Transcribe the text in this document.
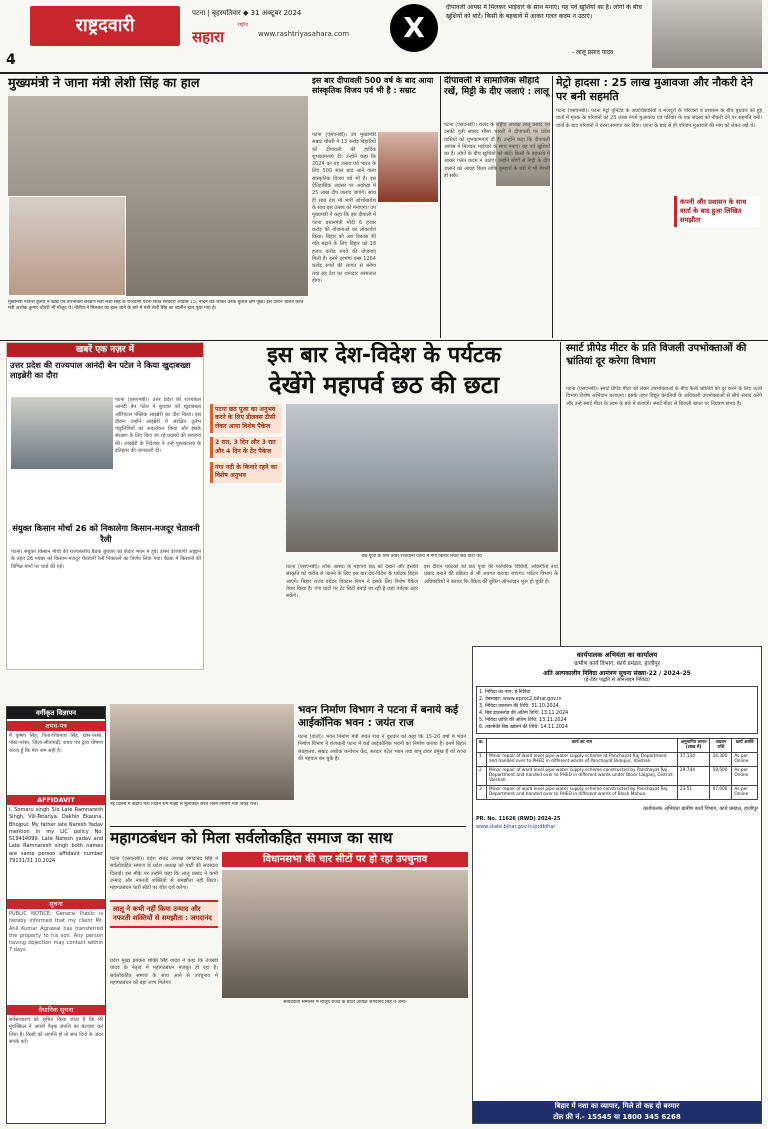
4
राष्ट्रदवारी
पटना | बृहस्पतिवार ◆ 31 अक्टूबर 2024
राष्ट्रीय
सहारा	www.rashtriyasahara.com	X
दीपावली आपस में मिलकर भाईचारे के साथ मनाएं। यह पर्व खुशियों का है। लोगों के बीच खुशियों को बांटें। किसी के बहकावे में आकर गलत कदम न उठाएं।
- लालू प्रसाद यादव
मुख्यमंत्री ने जाना मंत्री लेशी सिंह का हाल
मुख्यमंत्री नीतीश कुमार ने खाद्य एवं उपभोक्ता संरक्षण मंत्री लेशी सिंह के राजधानी पटना स्थित सरकारी आवास 15, नार्दर्न रोड जाकर उनके कुशल क्षेम पूछा। इस दौरान चलित करते मंत्री अशोक कुमार चौधरी भी मौजूद थे। नीतीश ने मिलकर का हाल जाने के बारे में मंत्री लेशी सिंह का शालीन हाल पूछा गया है।
इस बार दीपावली 500 वर्ष के बाद आया सांस्कृतिक विजय पर्व भी है : सम्राट
पटना (एसएनबी)। उप मुख्यमंत्री सम्राट चौधरी ने 13 करोड़ बिहारियों को दीपावली की हार्दिक शुभकामनाएं दी। उन्होंने कहा कि 2024 का यह उत्सव पर्व भारत के लिए 500 साल बाद आने वाला सांस्कृतिक विजय पर्व भी है। इस ऐतिहासिक अवसर पर अयोध्या में 25 लाख दीप जलाए जाएंगे। साथ ही सारा देश भी भारी जोशोखरोश के साथ इस उत्सव को मनाएगा। उप मुख्यमंत्री ने कहा कि इस दीवाली में पटना प्रधानमंत्री मोदी 6 हजार करोड़ की योजनाओं का लोकार्पण किया। बिहार को अब विकास की गति बढ़ाने के लिए बिहार को 18 हजार करोड़ रुपये की योजनाएं मिली हैं। इनमें दरभंगा एम्स 1264 करोड़ रुपये की लागत से बनेगा तथा यह देश का शानदार अस्पताल होगा।
दीपावली में सामाजिक सौहार्द रखें, मिट्टी के दीए जलाएं : लालू
पटना (एसएनबी)। राजद के राष्ट्रीय अध्यक्ष लालू प्रसाद एवं उनकी पुत्री सांसद मीसा भारती ने दीपावली पर प्रदेश वासियों को शुभकामनाएं दी हैं। उन्होंने कहा कि दीपावली आपस में मिलकर भाईचारे के साथ मनाएं। यह पर्व खुशियों का है। लोगों के बीच खुशियों को बांटें। किसी के बहकावे में आकर गलत कदम न उठाएं। उन्होंने लोगों से मिट्टी के दीए जलाने का आग्रह किया ताकि कुम्हारों के घरों में भी रोशनी हो सके।
मेट्रो हादसा : 25 लाख मुआवजा और नौकरी देने पर बनी सहमति
पटना (एसएनबी)। पटना मेट्रो यूनिटेड के अप्राधिकारियों व मजदूरों के परिजनों व प्रशासन के बीच बुधवार को हुई वार्ता में मृतक के परिजनों को 25 लाख रुपये मुआवजा एवं परिवार के एक सदस्य को नौकरी देने पर सहमति बनी। वार्ता के बाद परिजनों ने धरना समाप्त कर दिया। घटना के बाद से ही परिजन मुआवजे की मांग को लेकर अड़े थे।
कंपनी और प्रशासन के साथ वार्ता के बाद हुआ लिखित समझौता
खबरें एक नज़र में
उत्तर प्रदेश की राज्यपाल आनंदी बेन पटेल ने किया खुदाबख्श लाइब्रेरी का दौरा
पटना (एसएनबी)। उत्तर प्रदेश की राज्यपाल आनंदी बेन पटेल ने बुधवार को खुदाबख्श ओरिएंटल पब्लिक लाइब्रेरी का दौरा किया। इस दौरान उन्होंने लाइब्रेरी में संरक्षित दुर्लभ पांडुलिपियों का अवलोकन किया और इसके संरक्षण के लिए किए जा रहे प्रयासों की सराहना की। लाइब्रेरी के निदेशक ने उन्हें पुस्तकालय के इतिहास की जानकारी दी।
संयुक्त किसान मोर्चा 26 को निकालेगा किसान-मजदूर चेतावनी रैली
पटना। संयुक्त किसान मोर्चा की राज्यस्तरीय बैठक बुधवार को केदार भवन में हुई। इसमें देशव्यापी आह्वान के तहत 26 नवंबर को किसान-मजदूर चेतावनी रैली निकालने का निर्णय लिया गया। बैठक में किसानों की विभिन्न मांगों पर चर्चा की गई।
इस बार देश-विदेश के पर्यटक
देखेंगे महापर्व छठ की छटा
छठ पूजा के लिए तैयार राजधानी पटना में गंगा किनारे स्थित छठ घाटों पर।
पटना छठ पूजा का अनुभव करने के लिए डीलक्स टीसी लेकर आया विशेष पैकेज
2 रात, 3 दिन और 3 रात और 4 दिन के टेंट पैकेज
गंगा नदी के किनारे रहने का विशेष अनुभव
पटना (एसएनबी)। लोक आस्था के महापर्व छठ को देखने और इसकी संस्कृति को करीब से जानने के लिए इस बार देश-विदेश के पर्यटक बिहार आएंगे। बिहार राज्य पर्यटन विकास निगम ने इसके लिए विशेष पैकेज तैयार किया है। गंगा घाटों पर टेंट सिटी बनाई जा रही है जहां पर्यटक ठहर सकेंगे।
इस दौरान पर्यटकों को छठ पूजा की पारंपरिक विधियों, लोकगीतों तथा प्रसाद बनाने की प्रक्रिया से भी अवगत कराया जाएगा। पर्यटन विभाग के अधिकारियों ने बताया कि पैकेज की बुकिंग ऑनलाइन शुरू हो चुकी है।
स्मार्ट प्रीपेड मीटर के प्रति विजली उपभोक्ताओं की भ्रांतियां दूर करेगा विभाग
पटना (एसएनबी)। स्मार्ट प्रीपेड मीटर को लेकर उपभोक्ताओं के बीच फैली भ्रांतियों को दूर करने के लिए ऊर्जा विभाग विशेष अभियान चलाएगा। इसके तहत विद्युत कंपनियों के अधिकारी उपभोक्ताओं से सीधे संवाद करेंगे और उन्हें स्मार्ट मीटर के लाभ के बारे में बताएंगे। स्मार्ट मीटर से बिजली खपत पर नियंत्रण संभव है।
कार्यपालक अभियंता का कार्यालय
ग्रामीण कार्य विभाग, कार्य प्रमंडल, हाजीपुर
अति अल्पकालीन निविदा आमंत्रण सूचना संख्या-22 / 2024-25
(ई-टेंडर पद्धति से ऑनलाइन निविदा)
1. निविदा का नाम: ई-निविदा
2. वेबसाइट: www.eproc2.bihar.gov.in
3. निविदा प्रकाशन की तिथि: 31.10.2024
4. बिड डाउनलोड की अंतिम तिथि: 13.11.2024
5. निविदा प्राप्ति की अंतिम तिथि: 13.11.2024
6. तकनीकी बिड खोलने की तिथि: 14.11.2024
क्र.	कार्य का नाम	अनुमानित लागत (लाख में)	अग्रधन राशि	कार्य अवधि
1	Minor repair of ward level pipe water supply scheme at Panchayat Raj Department and handed over to PHED in different wards of Panchayat Bidupur, Vaishali.	17.134	34,300	As per Online
2	Minor repair of ward level pipe water supply scheme constructed by Panchayat Raj Department and handed over to PHED in different wards under Block Lalganj, District Vaishali.	29.744	59,500	As per Online
3	Minor repair of ward level pipe water supply scheme constructed by Panchayat Raj Department and handed over to PHED in different wards of Block Mahua.	23.51	47,000	As per Online
कार्यपालक अभियंता ग्रामीण कार्य विभाग, कार्य प्रमंडल, हाजीपुर
PR. No. 11626 (RWD) 2024-25
www.state.bihar.gov.in/prdbihar
बिहार में नशा का व्यापार, मिले तो कह दो बरमार
टोल फ्री नं.- 15545 या 1800 345 6268
वर्गीकृत विज्ञापन
शपथ-पत्र
मैं कृष्णा सिंह, पिता-शिवनाथ सिंह, ग्राम-परसा, पोस्ट-परसा, जिला-सीतामढ़ी, शपथ पत्र द्वारा घोषणा करता हूँ कि मेरा नाम सही है।
AFFIDAVIT
I, Somaru singh S/o Late Ramnaresh Singh, Vill-Tetariya, Dakhin Ekauna, Bhojpur. My father late Naresh Yadav mention in my LIC policy No. 519414099. Late Naresh yadav and Late Ramnaresh singh both names are same person affidavit number 79131/31.10.2024
सूचना
PUBLIC NOTICE: General Public is hereby informed that my client Mr. Anil Kumar Agrawal has transferred the property to his son. Any person having objection may contact within 7 days.
वैधानिक सूचना
सर्वसाधारण को सूचित किया जाता है कि मेरे मुवक्किल ने अपनी पैतृक संपत्ति का बंटवारा कर लिया है। किसी को आपत्ति हो तो सात दिनों के अंदर संपर्क करें।
भवन निर्माण विभाग ने पटना में बनाये कई आईकॉनिक भवन : जयंत राज
नई दिल्ली में केंद्रीय मंत्री जितन राम मांझी से मुलाकात करते भवन निर्माण मंत्री जयंत राज।
पटना (वार्ता)। भवन निर्माण मंत्री जयंत राज ने बुधवार को कहा कि 15-20 वर्षों में भवन निर्माण विभाग ने राजधानी पटना में कई आईकॉनिक भवनों का निर्माण कराया है। इनमें बिहार संग्रहालय, सम्राट अशोक कन्वेंशन केंद्र, सरदार पटेल भवन तथा बापू टावर प्रमुख हैं जो राज्य की पहचान बन चुके हैं।
महागठबंधन को मिला सर्वलोकहित समाज का साथ
विधानसभा की चार सीटों पर हो रहा उपचुनाव
संवाददाता सम्मेलन में मौजूद राजद के प्रदेश अध्यक्ष जगदानंद सिंह व अन्य।
पटना (एसएनबी)। प्रदेश राजद अध्यक्ष जगदानंद सिंह ने सर्वलोकहित समाज के प्रदेश अध्यक्ष को पार्टी की सदस्यता दिलाई। इस मौके पर उन्होंने कहा कि लालू प्रसाद ने कभी उन्माद और नफरती शक्तियों से समझौता नहीं किया। महागठबंधन चारों सीटों पर जीत दर्ज करेगा।
लालू ने कभी नहीं किया उन्माद और नफरती शक्तियों से समझौता : जगदानंद
प्रदेश मुख्य प्रवक्ता शक्ति सिंह यादव ने कहा कि तेजस्वी यादव के नेतृत्व में महागठबंधन मजबूत हो रहा है। सर्वलोकहित समाज के साथ आने से उपचुनाव में महागठबंधन को बड़ा लाभ मिलेगा।
